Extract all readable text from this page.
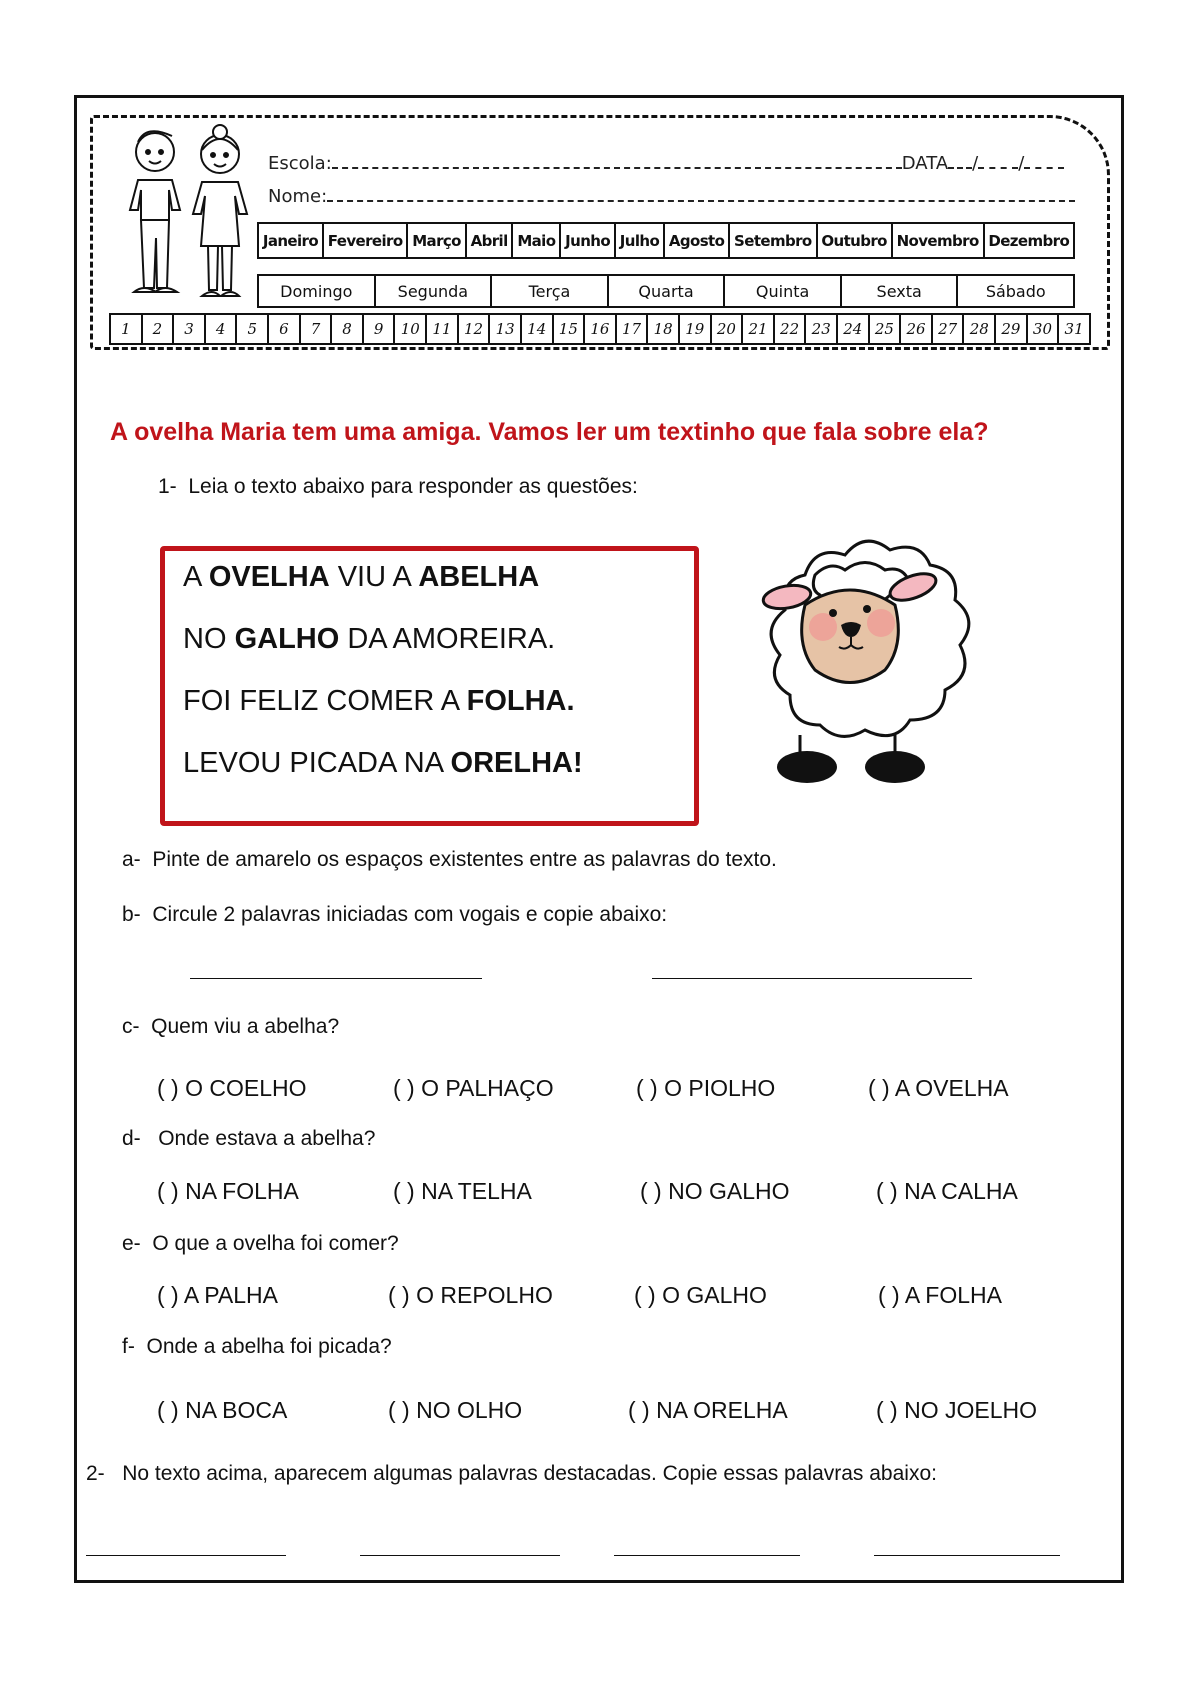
Escola:	DATA / /
Nome:
Janeiro Fevereiro Março Abril Maio Junho Julho Agosto Setembro Outubro Novembro Dezembro
Domingo	Segunda	Terça	Quarta	Quinta	Sexta	Sábado
1	2	3	4	5	6	7	8	9	10 11 12 13 14 15 16 17 18 19 20 21 22 23 24 25 26 27 28 29 30 31
A ovelha Maria tem uma amiga. Vamos ler um textinho que fala sobre ela?
1- Leia o texto abaixo para responder as questões:
A OVELHA VIU A ABELHA
NO GALHO DA AMOREIRA.
FOI FELIZ COMER A FOLHA.
LEVOU PICADA NA ORELHA!
a- Pinte de amarelo os espaços existentes entre as palavras do texto.
b- Circule 2 palavras iniciadas com vogais e copie abaixo:
c- Quem viu a abelha?
( ) O COELHO	( ) O PALHAÇO	( ) O PIOLHO	( ) A OVELHA
d- Onde estava a abelha?
( ) NA FOLHA	( ) NA TELHA	( ) NO GALHO	( ) NA CALHA
e- O que a ovelha foi comer?
( ) A PALHA	( ) O REPOLHO	( ) O GALHO	( ) A FOLHA
f- Onde a abelha foi picada?
( ) NA BOCA	( ) NO OLHO	( ) NA ORELHA	( ) NO JOELHO
2- No texto acima, aparecem algumas palavras destacadas. Copie essas palavras abaixo:
